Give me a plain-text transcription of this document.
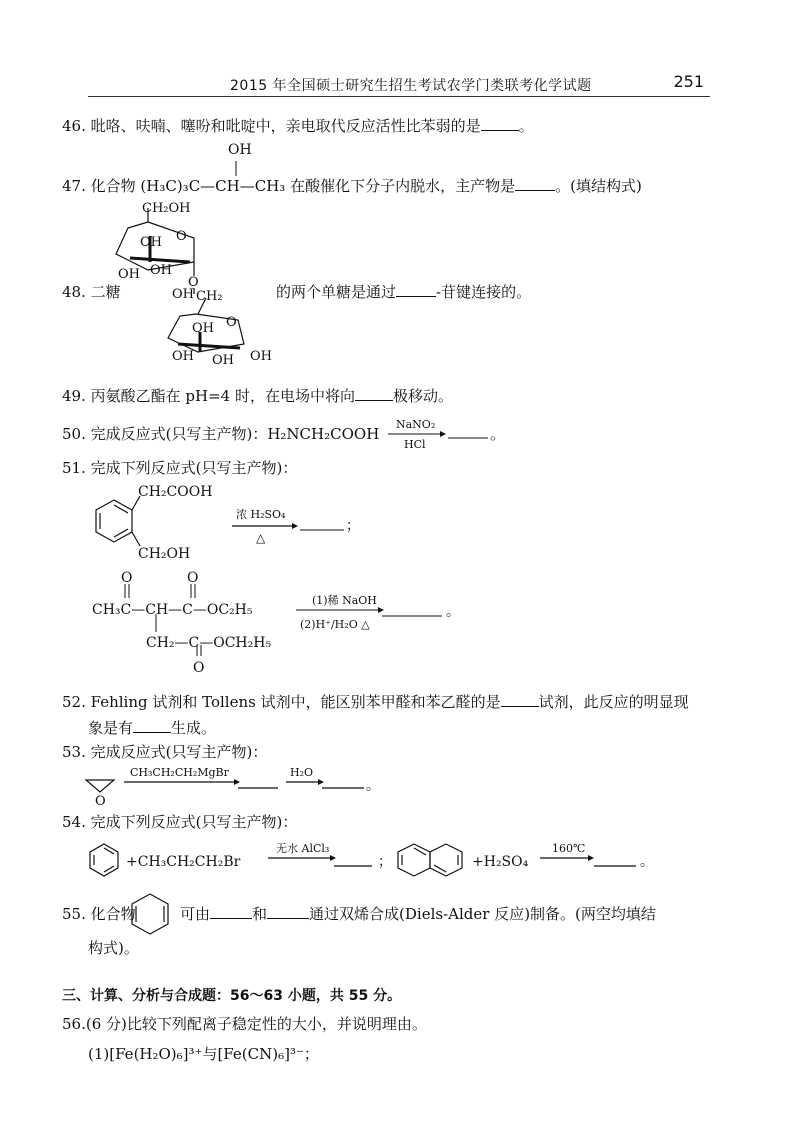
2015 年全国硕士研究生招生考试农学门类联考化学试题	251
46. 吡咯、呋喃、噻吩和吡啶中，亲电取代反应活性比苯弱的是	。
OH
47. 化合物 (H₃C)₃C—CH—CH₃ 在酸催化下分子内脱水，主产物是	。(填结构式)
CH₂OH
OH O
OH OH
O
OH CH₂
OH O
OH OH OH
48. 二糖	的两个单糖是通过	-苷键连接的。
49. 丙氨酸乙酯在 pH=4 时，在电场中将向	极移动。
50. 完成反应式(只写主产物)：H₂NCH₂COOH
NaNO₂
HCl
。
51. 完成下列反应式(只写主产物)：
CH₂COOH
CH₂OH
浓 H₂SO₄
△
；
O	O
CH₃C—CH—C—OC₂H₅
CH₂—C—OCH₂H₅
O
(1)稀 NaOH
(2)H⁺/H₂O △
。
52. Fehling 试剂和 Tollens 试剂中，能区别苯甲醛和苯乙醛的是	试剂，此反应的明显现
象是有	生成。
53. 完成反应式(只写主产物)：
O
CH₃CH₂CH₂MgBr	H₂O
。
54. 完成下列反应式(只写主产物)：
+CH₃CH₂CH₂Br
无水 AlCl₃
；	+H₂SO₄
160℃
。
55. 化合物	可由	和	通过双烯合成(Diels-Alder 反应)制备。(两空均填结
构式)。
三、计算、分析与合成题：56～63 小题，共 55 分。
56.(6 分)比较下列配离子稳定性的大小，并说明理由。
(1)[Fe(H₂O)₆]³⁺与[Fe(CN)₆]³⁻；
